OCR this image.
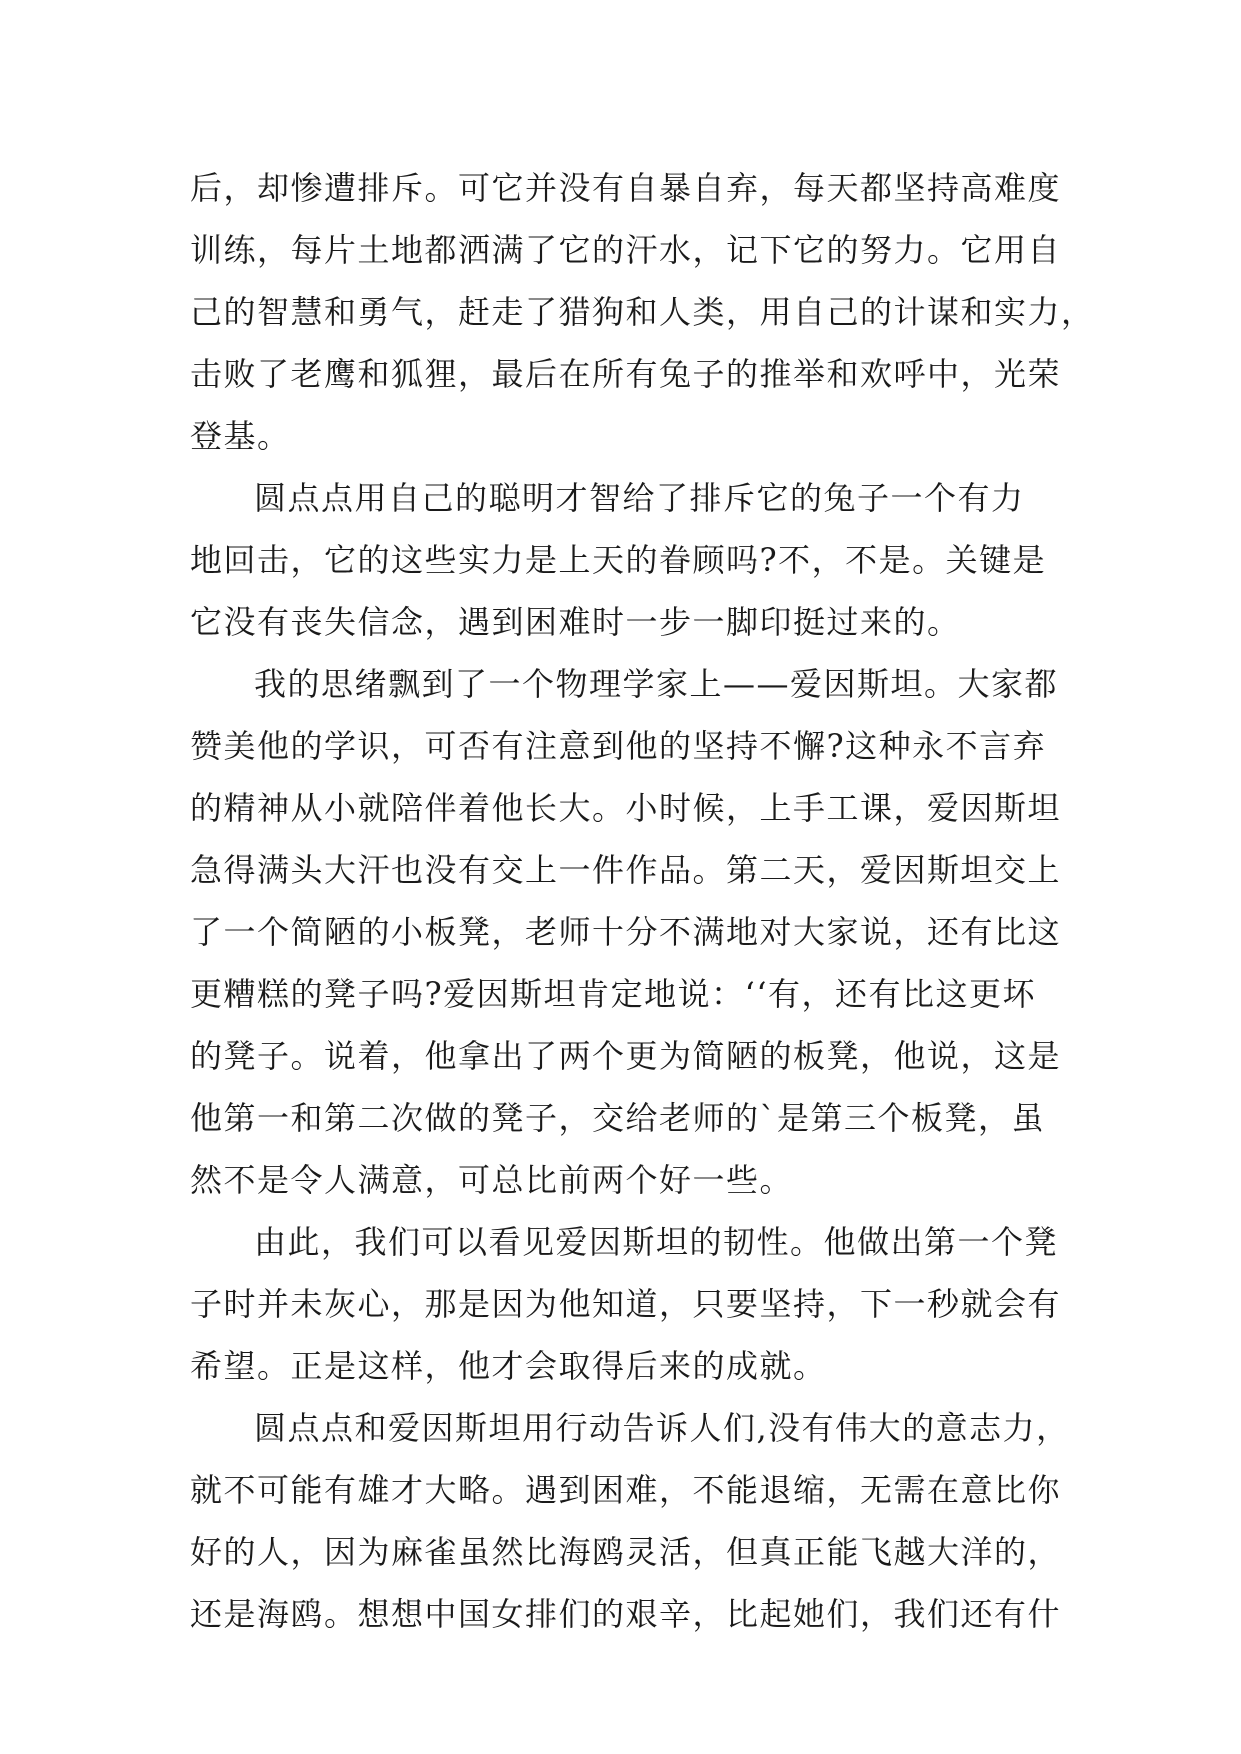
后，却惨遭排斥。可它并没有自暴自弃，每天都坚持高难度
训练，每片土地都洒满了它的汗水，记下它的努力。它用自
己的智慧和勇气，赶走了猎狗和人类，用自己的计谋和实力，
击败了老鹰和狐狸，最后在所有兔子的推举和欢呼中，光荣
登基。
圆点点用自己的聪明才智给了排斥它的兔子一个有力
地回击，它的这些实力是上天的眷顾吗?不，不是。关键是
它没有丧失信念，遇到困难时一步一脚印挺过来的。
我的思绪飘到了一个物理学家上——爱因斯坦。大家都
赞美他的学识，可否有注意到他的坚持不懈?这种永不言弃
的精神从小就陪伴着他长大。小时候，上手工课，爱因斯坦
急得满头大汗也没有交上一件作品。第二天，爱因斯坦交上
了一个简陋的小板凳，老师十分不满地对大家说，还有比这
更糟糕的凳子吗?爱因斯坦肯定地说：‘‘有，还有比这更坏
的凳子。说着，他拿出了两个更为简陋的板凳，他说，这是
他第一和第二次做的凳子，交给老师的`是第三个板凳，虽
然不是令人满意，可总比前两个好一些。
由此，我们可以看见爱因斯坦的韧性。他做出第一个凳
子时并未灰心，那是因为他知道，只要坚持，下一秒就会有
希望。正是这样，他才会取得后来的成就。
圆点点和爱因斯坦用行动告诉人们,没有伟大的意志力，
就不可能有雄才大略。遇到困难，不能退缩，无需在意比你
好的人，因为麻雀虽然比海鸥灵活，但真正能飞越大洋的，
还是海鸥。想想中国女排们的艰辛，比起她们，我们还有什
